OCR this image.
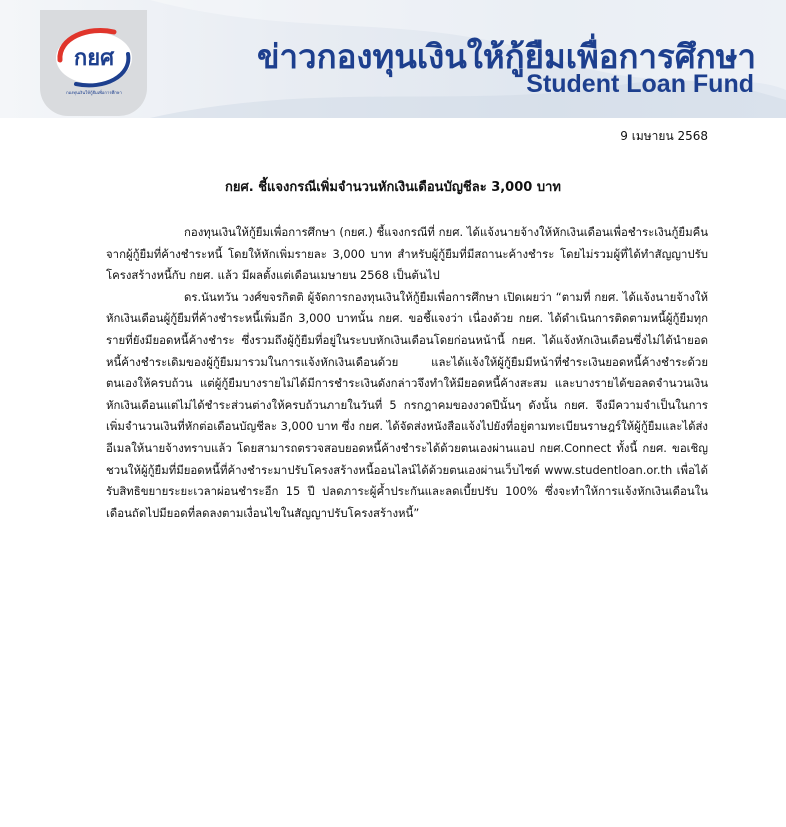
กยศ
กองทุนเงินให้กู้ยืมเพื่อการศึกษา
ข่าวกองทุนเงินให้กู้ยืมเพื่อการศึกษา
Student Loan Fund
9 เมษายน 2568
กยศ. ชี้แจงกรณีเพิ่มจำนวนหักเงินเดือนบัญชีละ 3,000 บาท

กองทุนเงินให้กู้ยืมเพื่อการศึกษา (กยศ.) ชี้แจงกรณีที่ กยศ. ได้แจ้งนายจ้างให้หักเงินเดือนเพื่อชำระเงินกู้ยืมคืนจากผู้กู้ยืมที่ค้างชำระหนี้ โดยให้หักเพิ่มรายละ 3,000 บาท สำหรับผู้กู้ยืมที่มีสถานะค้างชำระ โดยไม่รวมผู้ที่ได้ทำสัญญาปรับโครงสร้างหนี้กับ กยศ. แล้ว มีผลตั้งแต่เดือนเมษายน 2568 เป็นต้นไป

ดร.นันทวัน วงศ์ขจรกิตติ ผู้จัดการกองทุนเงินให้กู้ยืมเพื่อการศึกษา เปิดเผยว่า “ตามที่ กยศ. ได้แจ้งนายจ้างให้หักเงินเดือนผู้กู้ยืมที่ค้างชำระหนี้เพิ่มอีก 3,000 บาทนั้น กยศ. ขอชี้แจงว่า เนื่องด้วย กยศ. ได้ดำเนินการติดตามหนี้ผู้กู้ยืมทุกรายที่ยังมียอดหนี้ค้างชำระ ซึ่งรวมถึงผู้กู้ยืมที่อยู่ในระบบหักเงินเดือนโดยก่อนหน้านี้ กยศ. ได้แจ้งหักเงินเดือนซึ่งไม่ได้นำยอดหนี้ค้างชำระเดิมของผู้กู้ยืมมารวมในการแจ้งหักเงินเดือนด้วย และได้แจ้งให้ผู้กู้ยืมมีหน้าที่ชำระเงินยอดหนี้ค้างชำระด้วยตนเองให้ครบถ้วน แต่ผู้กู้ยืมบางรายไม่ได้มีการชำระเงินดังกล่าวจึงทำให้มียอดหนี้ค้างสะสม และบางรายได้ขอลดจำนวนเงินหักเงินเดือนแต่ไม่ได้ชำระส่วนต่างให้ครบถ้วนภายในวันที่ 5 กรกฎาคมของงวดปีนั้นๆ ดังนั้น กยศ. จึงมีความจำเป็นในการเพิ่มจำนวนเงินที่หักต่อเดือนบัญชีละ 3,000 บาท ซึ่ง กยศ. ได้จัดส่งหนังสือแจ้งไปยังที่อยู่ตามทะเบียนราษฎร์ให้ผู้กู้ยืมและได้ส่งอีเมลให้นายจ้างทราบแล้ว โดยสามารถตรวจสอบยอดหนี้ค้างชำระได้ด้วยตนเองผ่านแอป กยศ.Connect ทั้งนี้ กยศ. ขอเชิญชวนให้ผู้กู้ยืมที่มียอดหนี้ที่ค้างชำระมาปรับโครงสร้างหนี้ออนไลน์ได้ด้วยตนเองผ่านเว็บไซต์ www.studentloan.or.th เพื่อได้รับสิทธิขยายระยะเวลาผ่อนชำระอีก 15 ปี ปลดภาระผู้ค้ำประกันและลดเบี้ยปรับ 100% ซึ่งจะทำให้การแจ้งหักเงินเดือนในเดือนถัดไปมียอดที่ลดลงตามเงื่อนไขในสัญญาปรับโครงสร้างหนี้”
